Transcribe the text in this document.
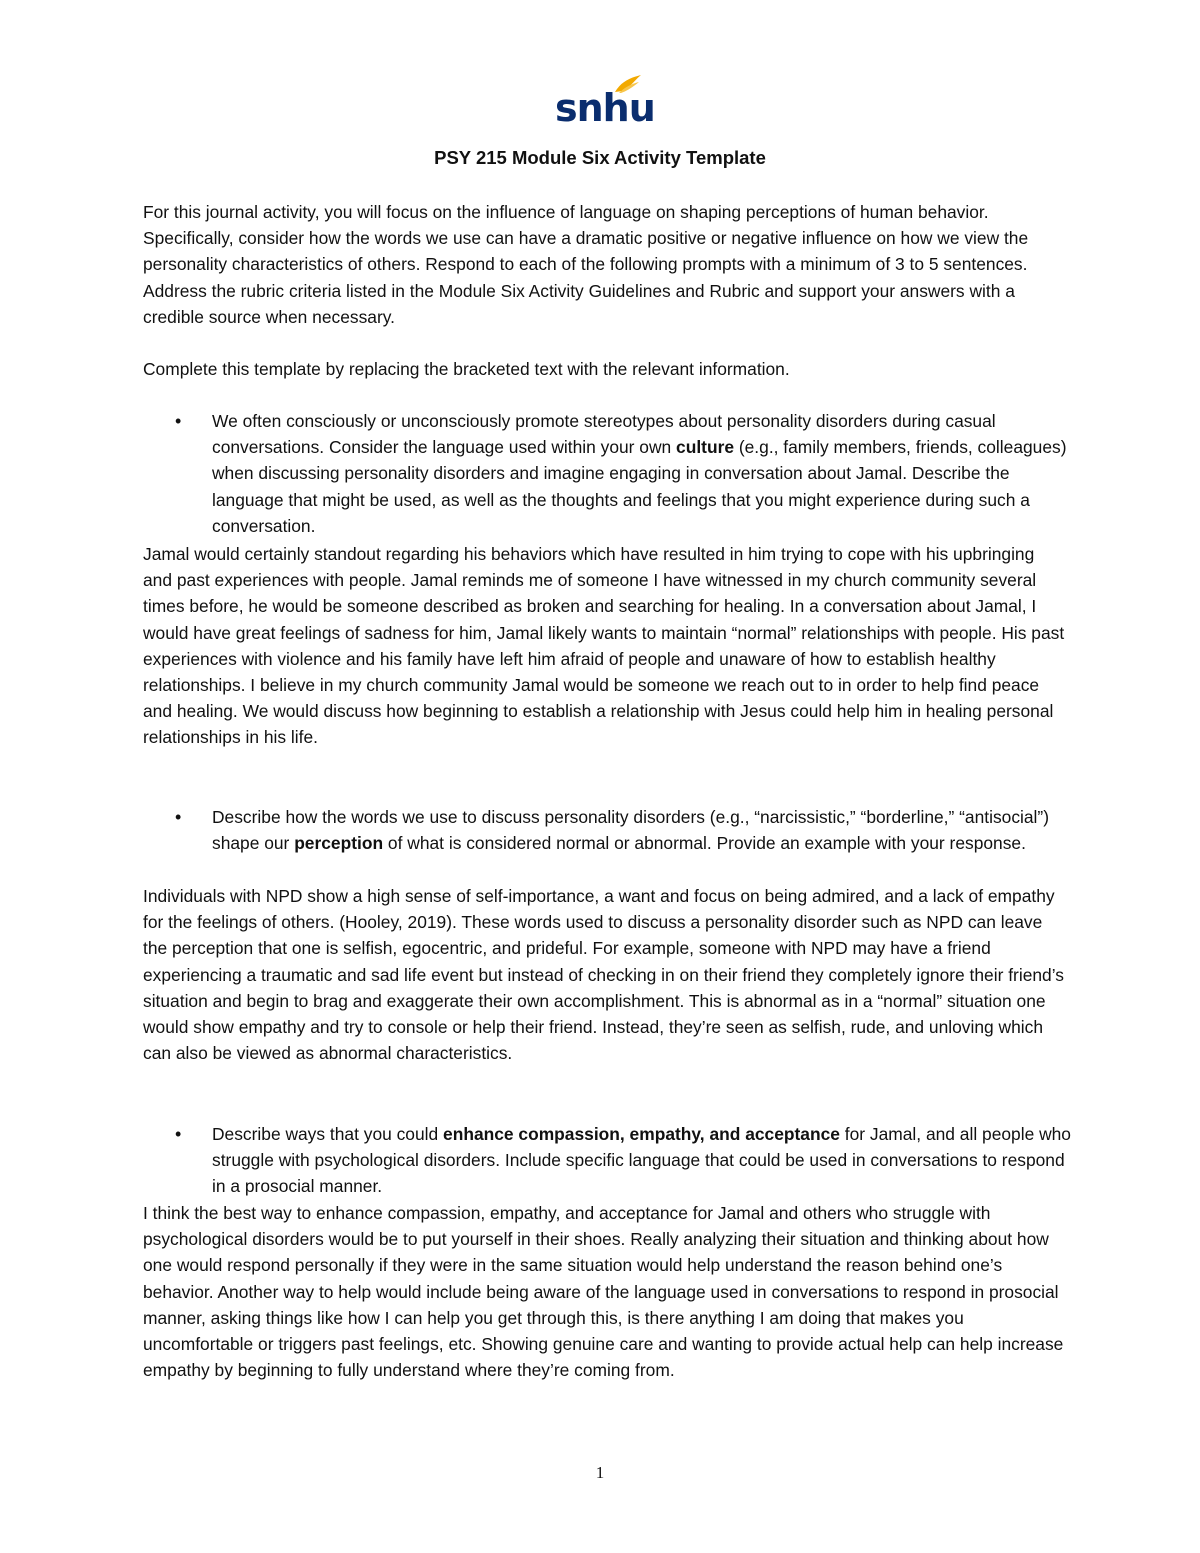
snhu
PSY 215 Module Six Activity Template
For this journal activity, you will focus on the influence of language on shaping perceptions of human behavior. Specifically, consider how the words we use can have a dramatic positive or negative influence on how we view the personality characteristics of others. Respond to each of the following prompts with a minimum of 3 to 5 sentences. Address the rubric criteria listed in the Module Six Activity Guidelines and Rubric and support your answers with a credible source when necessary.
Complete this template by replacing the bracketed text with the relevant information.
•	We often consciously or unconsciously promote stereotypes about personality disorders during casual conversations. Consider the language used within your own culture (e.g., family members, friends, colleagues) when discussing personality disorders and imagine engaging in conversation about Jamal. Describe the language that might be used, as well as the thoughts and feelings that you might experience during such a conversation.
Jamal would certainly standout regarding his behaviors which have resulted in him trying to cope with his upbringing and past experiences with people. Jamal reminds me of someone I have witnessed in my church community several times before, he would be someone described as broken and searching for healing. In a conversation about Jamal, I would have great feelings of sadness for him, Jamal likely wants to maintain “normal” relationships with people. His past experiences with violence and his family have left him afraid of people and unaware of how to establish healthy relationships. I believe in my church community Jamal would be someone we reach out to in order to help find peace and healing. We would discuss how beginning to establish a relationship with Jesus could help him in healing personal relationships in his life.
•	Describe how the words we use to discuss personality disorders (e.g., “narcissistic,” “borderline,” “antisocial”) shape our perception of what is considered normal or abnormal. Provide an example with your response.
Individuals with NPD show a high sense of self-importance, a want and focus on being admired, and a lack of empathy for the feelings of others. (Hooley, 2019). These words used to discuss a personality disorder such as NPD can leave the perception that one is selfish, egocentric, and prideful. For example, someone with NPD may have a friend experiencing a traumatic and sad life event but instead of checking in on their friend they completely ignore their friend’s situation and begin to brag and exaggerate their own accomplishment. This is abnormal as in a “normal” situation one would show empathy and try to console or help their friend. Instead, they’re seen as selfish, rude, and unloving which can also be viewed as abnormal characteristics.
•	Describe ways that you could enhance compassion, empathy, and acceptance for Jamal, and all people who struggle with psychological disorders. Include specific language that could be used in conversations to respond in a prosocial manner.
I think the best way to enhance compassion, empathy, and acceptance for Jamal and others who struggle with psychological disorders would be to put yourself in their shoes. Really analyzing their situation and thinking about how one would respond personally if they were in the same situation would help understand the reason behind one’s behavior. Another way to help would include being aware of the language used in conversations to respond in prosocial manner, asking things like how I can help you get through this, is there anything I am doing that makes you uncomfortable or triggers past feelings, etc. Showing genuine care and wanting to provide actual help can help increase empathy by beginning to fully understand where they’re coming from.
1
